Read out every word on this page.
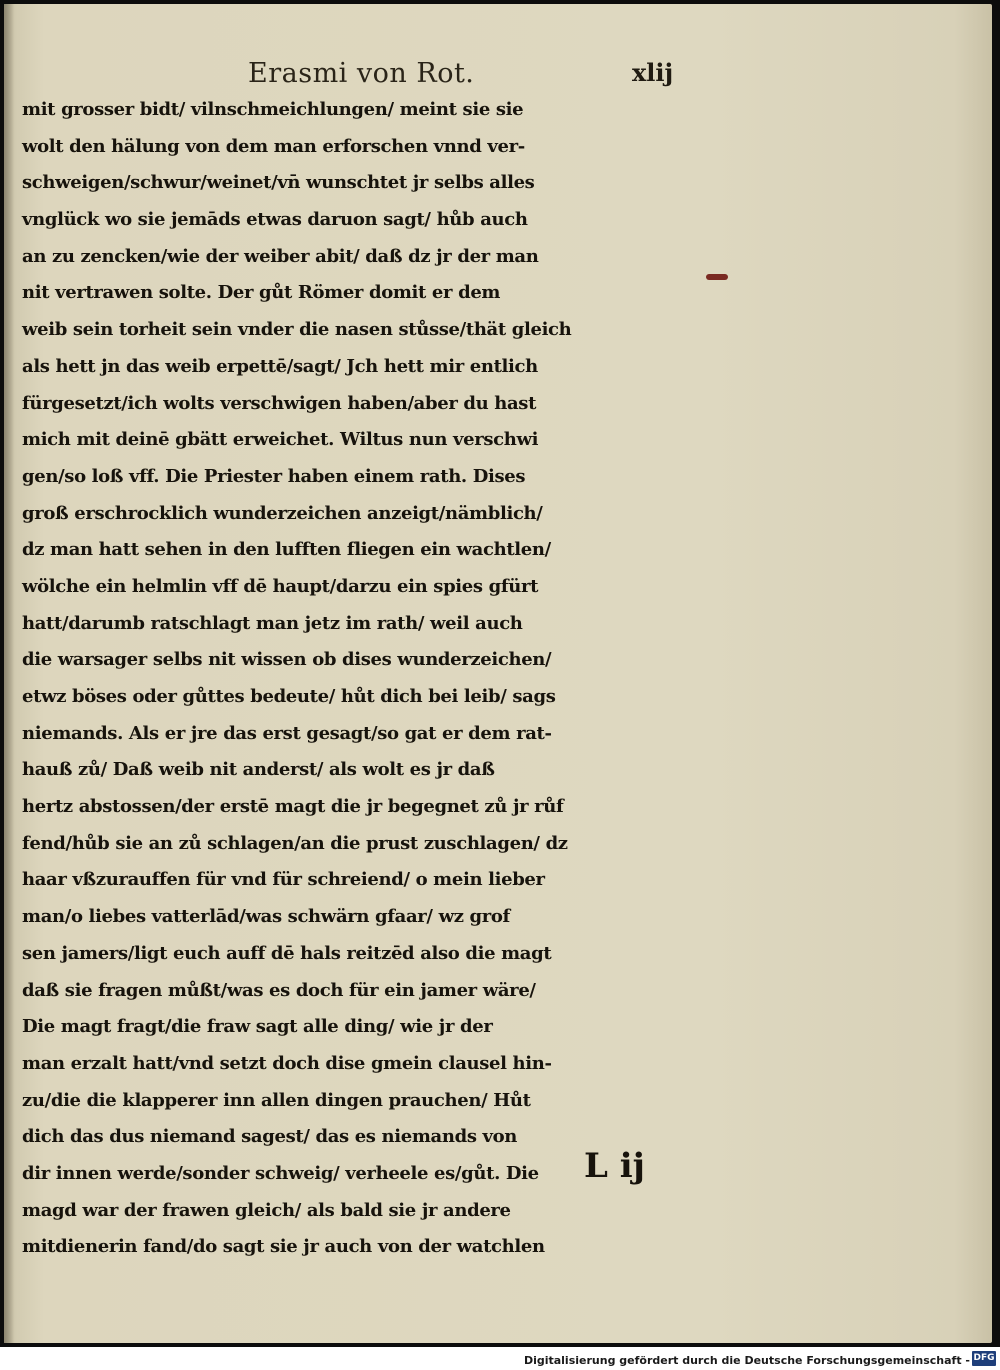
Erasmi von Rot.	xlij
mit grosser bidt/ vilnschmeichlungen/ meint sie sie
wolt den hälung von dem man erforschen vnnd ver-
schweigen/schwur/weinet/vn̄ wunschtet jr selbs alles
vnglück wo sie jemāds etwas daruon sagt/ hůb auch
an zu zencken/wie der weiber abit/ daß dz jr der man
nit vertrawen solte. Der gůt Römer domit er dem
weib sein torheit sein vnder die nasen stůsse/thät gleich
als hett jn das weib erpettē/sagt/ Jch hett mir entlich
fürgesetzt/ich wolts verschwigen haben/aber du hast
mich mit deinē gbätt erweichet. Wiltus nun verschwi
gen/so loß vff. Die Priester haben einem rath. Dises
groß erschrocklich wunderzeichen anzeigt/nämblich/
dz man hatt sehen in den lufften fliegen ein wachtlen/
wölche ein helmlin vff dē haupt/darzu ein spies gfürt
hatt/darumb ratschlagt man jetz im rath/ weil auch
die warsager selbs nit wissen ob dises wunderzeichen/
etwz böses oder gůttes bedeute/ hůt dich bei leib/ sags
niemands. Als er jre das erst gesagt/so gat er dem rat-
hauß zů/ Daß weib nit anderst/ als wolt es jr daß
hertz abstossen/der erstē magt die jr begegnet zů jr růf
fend/hůb sie an zů schlagen/an die prust zuschlagen/ dz
haar vßzurauffen für vnd für schreiend/ o mein lieber
man/o liebes vatterlād/was schwärn gfaar/ wz grof
sen jamers/ligt euch auff dē hals reitzēd also die magt
daß sie fragen můßt/was es doch für ein jamer wäre/
Die magt fragt/die fraw sagt alle ding/ wie jr der
man erzalt hatt/vnd setzt doch dise gmein clausel hin-
zu/die die klapperer inn allen dingen prauchen/ Hůt
dich das dus niemand sagest/ das es niemands von
dir innen werde/sonder schweig/ verheele es/gůt. Die
magd war der frawen gleich/ als bald sie jr andere
mitdienerin fand/do sagt sie jr auch von der watchlen
L ij
Digitalisierung gefördert durch die Deutsche Forschungsgemeinschaft - DFG
